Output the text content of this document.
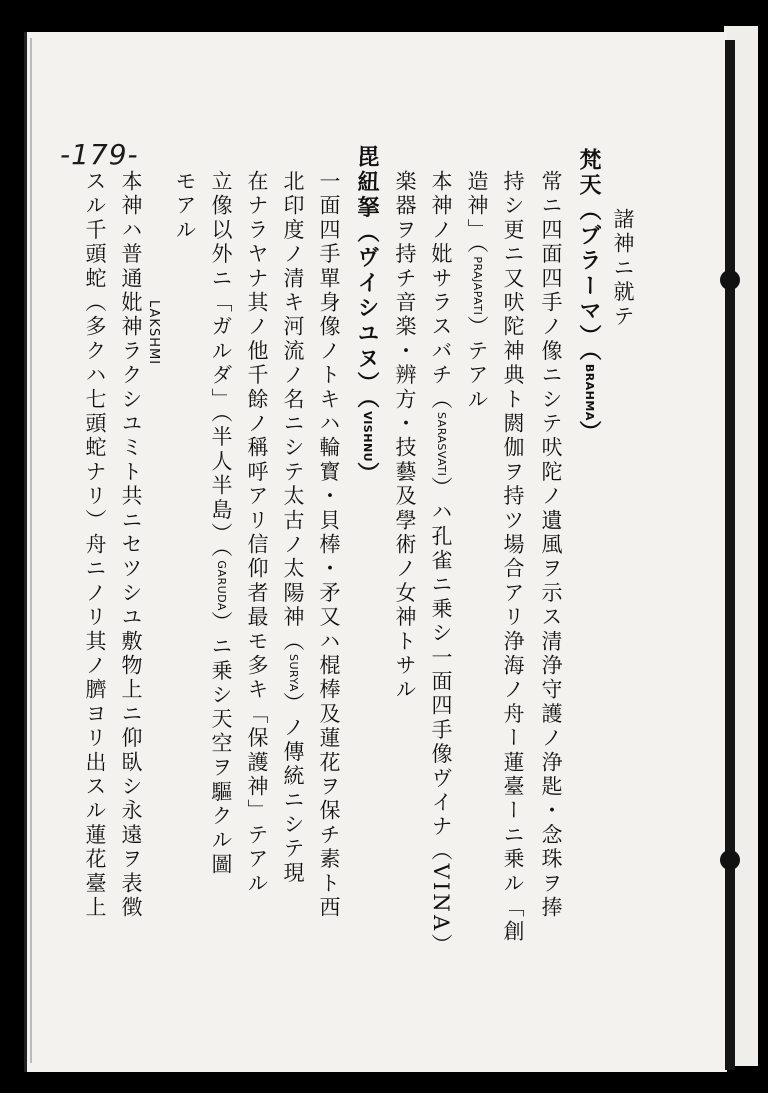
-179-
LAKSHMI
諸神ニ就テ
梵天（ブラーマ）（BRAHMA）
常ニ四面四手ノ像ニシテ吠陀ノ遺風ヲ示ス清浄守護ノ浄匙・念珠ヲ捧
持シ更ニ又吠陀神典ト閼伽ヲ持ツ場合アリ浄海ノ舟ー蓮臺ーニ乗ル「創
造神」（PRAJAPATI）テアル
本神ノ妣サラスバチ（SARASVATI）ハ孔雀ニ乗シ一面四手像ヴイナ（VINA）
楽器ヲ持チ音楽・辨方・技藝及學術ノ女神トサル
毘紐拏（ヴイシユヌ）（VISHNU）
一面四手單身像ノトキハ輪寳・貝棒・矛又ハ棍棒及蓮花ヲ保チ素ト西
北印度ノ清キ河流ノ名ニシテ太古ノ太陽神（SURYA）ノ傳統ニシテ現
在ナラヤナ其ノ他千餘ノ稱呼アリ信仰者最モ多キ「保護神」テアル
立像以外ニ「ガルダ」（半人半島）（GARUDA）ニ乗シ天空ヲ驅クル圖
モアル
本神ハ普通妣神ラクシユミト共ニセツシユ敷物上ニ仰臥シ永遠ヲ表徴
スル千頭蛇（多クハ七頭蛇ナリ）舟ニノリ其ノ臍ヨリ出スル蓮花臺上
